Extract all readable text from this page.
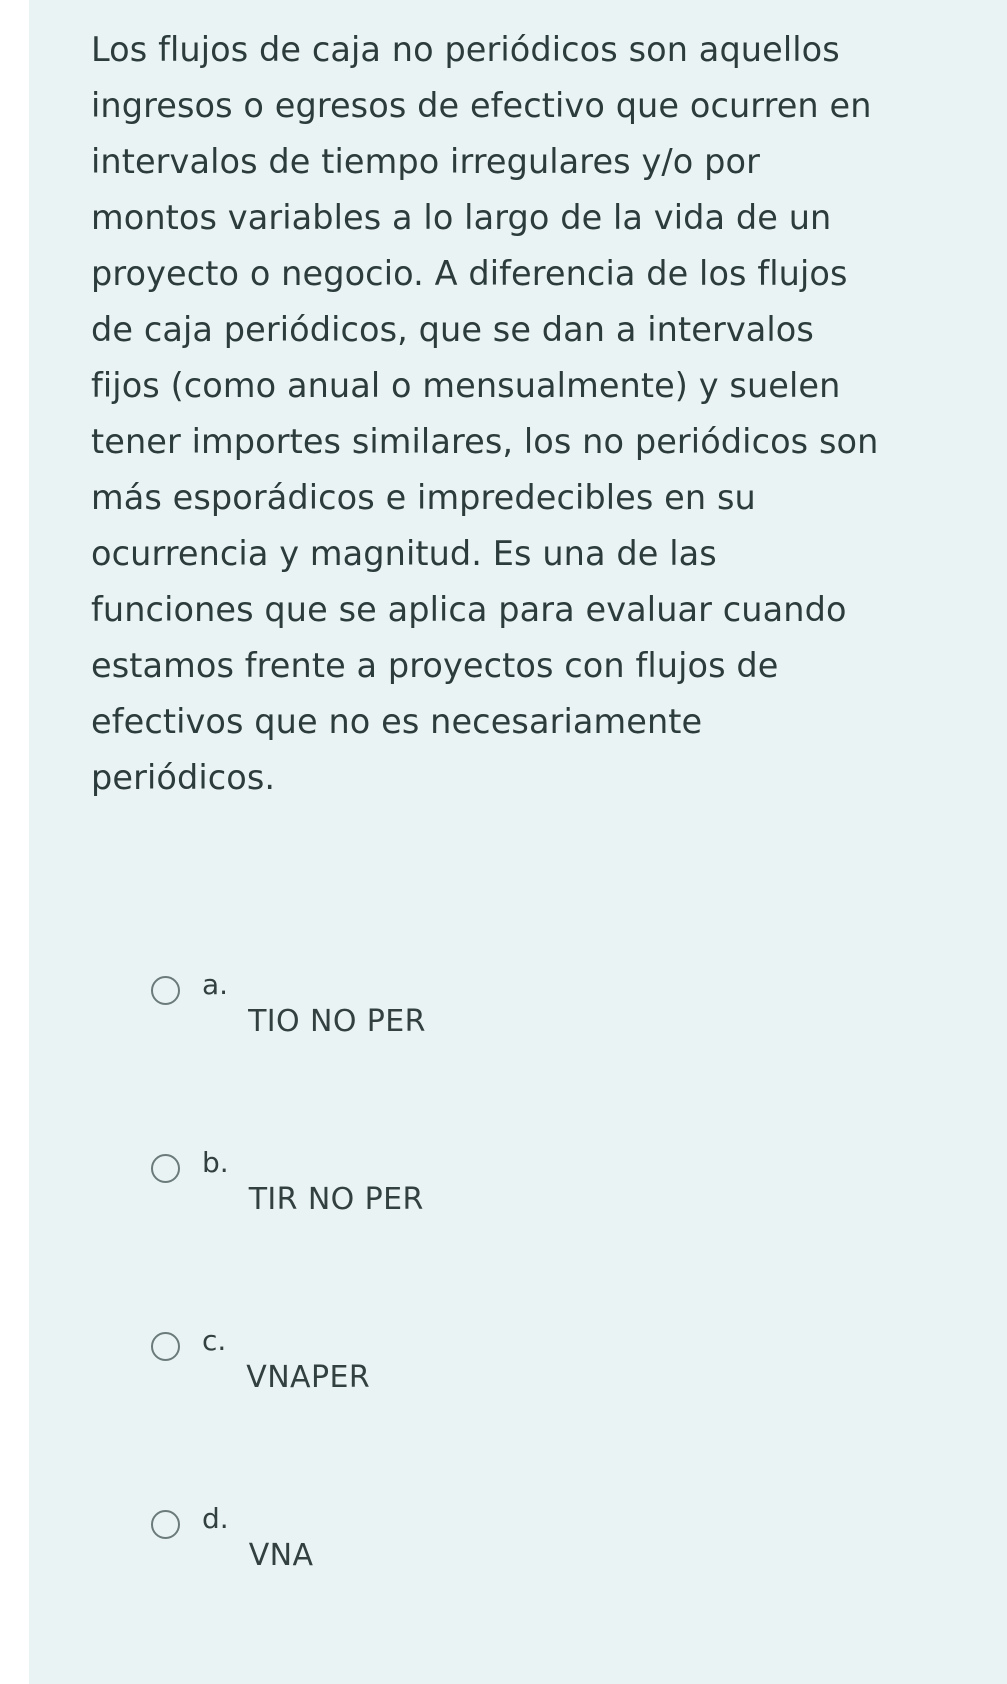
Los flujos de caja no periódicos son aquellos ingresos o egresos de efectivo que ocurren en intervalos de tiempo irregulares y/o por montos variables a lo largo de la vida de un proyecto o negocio. A diferencia de los flujos de caja periódicos, que se dan a intervalos fijos (como anual o mensualmente) y suelen tener importes similares, los no periódicos son más esporádicos e impredecibles en su ocurrencia y magnitud. Es una de las funciones que se aplica para evaluar cuando estamos frente a proyectos con flujos de efectivos que no es necesariamente periódicos.
a.
TIO NO PER
b.
TIR NO PER
c.
VNAPER
d.
VNA
